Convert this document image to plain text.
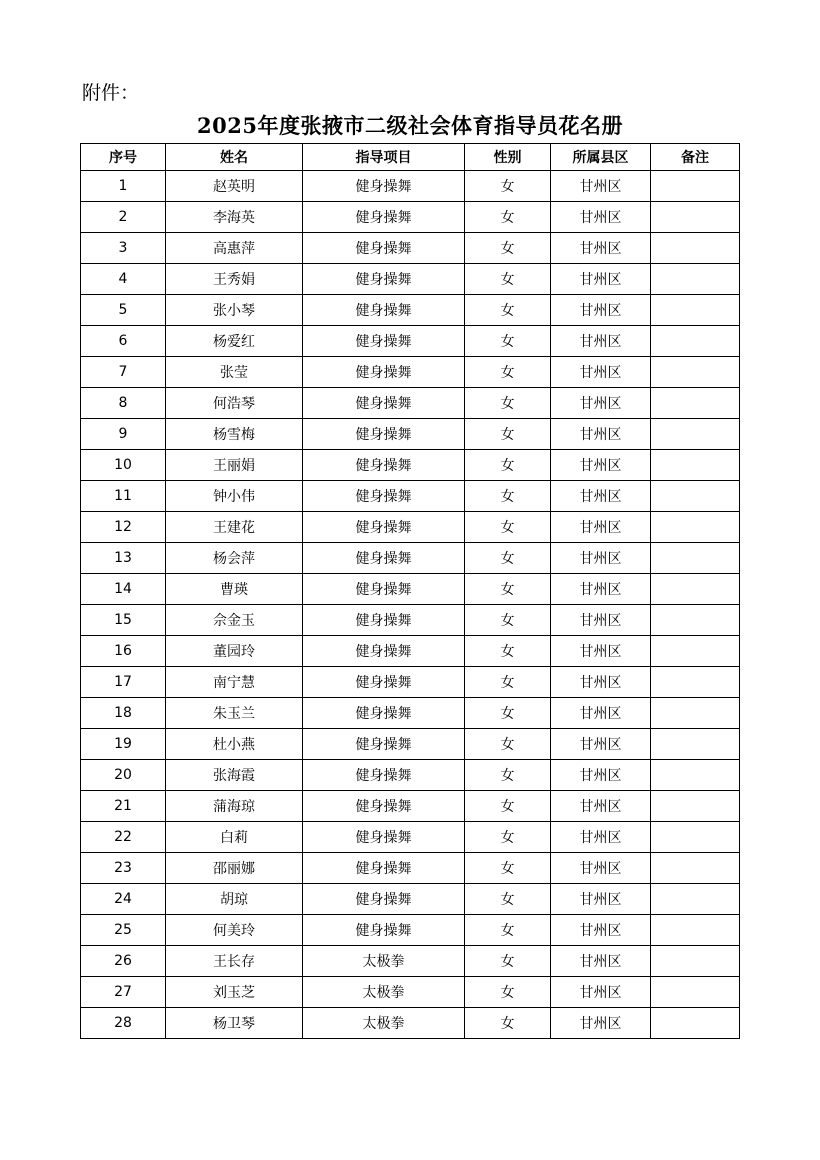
附件：
2025年度张掖市二级社会体育指导员花名册
序号	姓名	指导项目	性别	所属县区	备注
1	赵英明	健身操舞	女	甘州区	
2	李海英	健身操舞	女	甘州区	
3	高惠萍	健身操舞	女	甘州区	
4	王秀娟	健身操舞	女	甘州区	
5	张小琴	健身操舞	女	甘州区	
6	杨爱红	健身操舞	女	甘州区	
7	张莹	健身操舞	女	甘州区	
8	何浩琴	健身操舞	女	甘州区	
9	杨雪梅	健身操舞	女	甘州区	
10	王丽娟	健身操舞	女	甘州区	
11	钟小伟	健身操舞	女	甘州区	
12	王建花	健身操舞	女	甘州区	
13	杨会萍	健身操舞	女	甘州区	
14	曹瑛	健身操舞	女	甘州区	
15	佘金玉	健身操舞	女	甘州区	
16	董园玲	健身操舞	女	甘州区	
17	南宁慧	健身操舞	女	甘州区	
18	朱玉兰	健身操舞	女	甘州区	
19	杜小燕	健身操舞	女	甘州区	
20	张海霞	健身操舞	女	甘州区	
21	蒲海琼	健身操舞	女	甘州区	
22	白莉	健身操舞	女	甘州区	
23	邵丽娜	健身操舞	女	甘州区	
24	胡琼	健身操舞	女	甘州区	
25	何美玲	健身操舞	女	甘州区	
26	王长存	太极拳	女	甘州区	
27	刘玉芝	太极拳	女	甘州区	
28	杨卫琴	太极拳	女	甘州区	
